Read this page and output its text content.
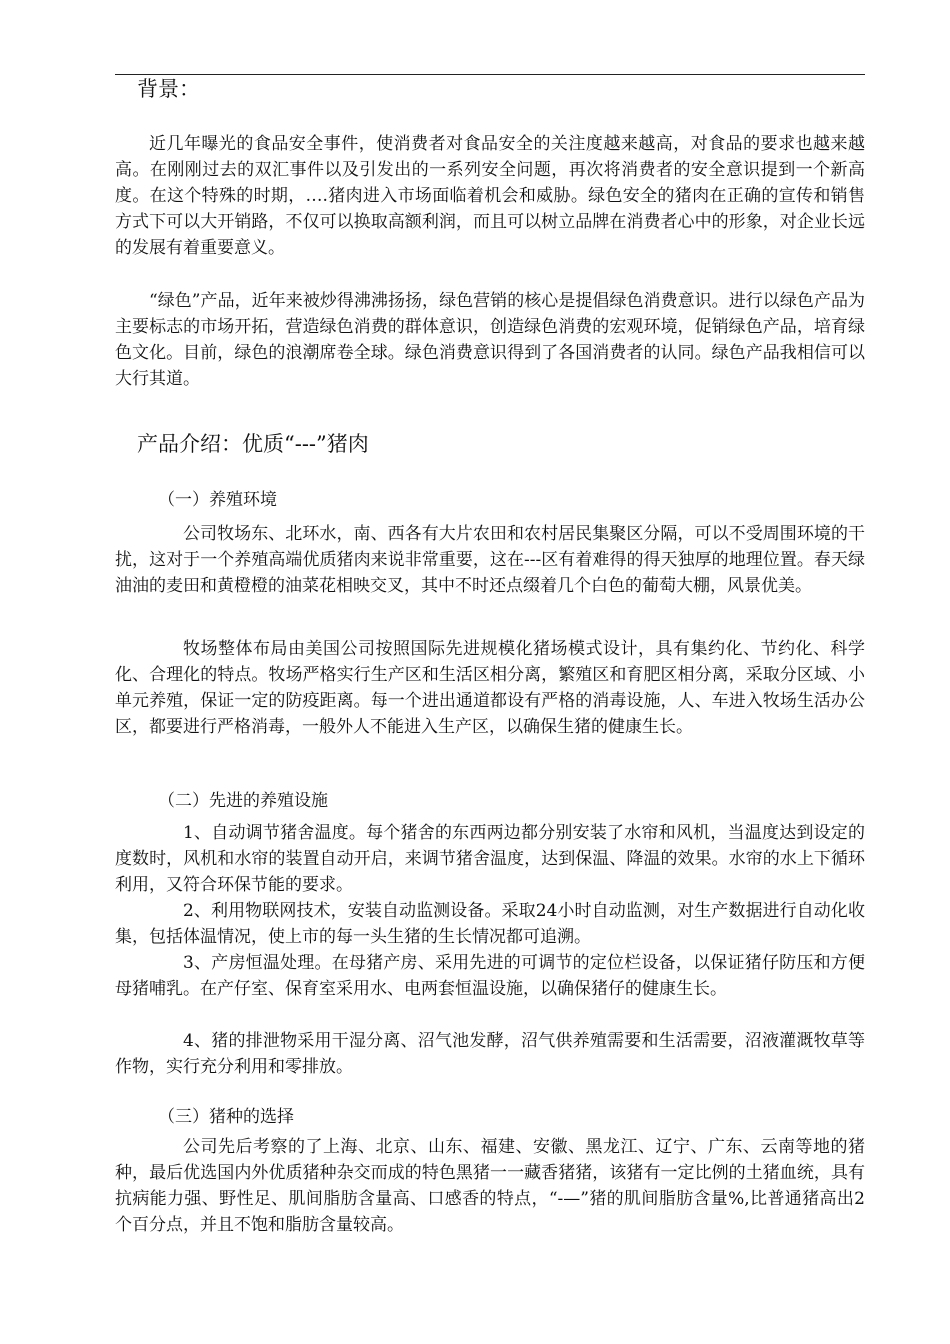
背景：

近几年曝光的食品安全事件，使消费者对食品安全的关注度越来越高，对食品的要求也越来越高。在刚刚过去的双汇事件以及引发出的一系列安全问题，再次将消费者的安全意识提到一个新高度。在这个特殊的时期，….猪肉进入市场面临着机会和威胁。绿色安全的猪肉在正确的宣传和销售方式下可以大开销路，不仅可以换取高额利润，而且可以树立品牌在消费者心中的形象，对企业长远的发展有着重要意义。

“绿色”产品，近年来被炒得沸沸扬扬，绿色营销的核心是提倡绿色消费意识。进行以绿色产品为主要标志的市场开拓，营造绿色消费的群体意识，创造绿色消费的宏观环境，促销绿色产品，培育绿色文化。目前，绿色的浪潮席卷全球。绿色消费意识得到了各国消费者的认同。绿色产品我相信可以大行其道。

产品介绍：优质“---”猪肉

（一）养殖环境

公司牧场东、北环水，南、西各有大片农田和农村居民集聚区分隔，可以不受周围环境的干扰，这对于一个养殖高端优质猪肉来说非常重要，这在---区有着难得的得天独厚的地理位置。春天绿油油的麦田和黄橙橙的油菜花相映交叉，其中不时还点缀着几个白色的葡萄大棚，风景优美。

牧场整体布局由美国公司按照国际先进规模化猪场模式设计，具有集约化、节约化、科学化、合理化的特点。牧场严格实行生产区和生活区相分离，繁殖区和育肥区相分离，采取分区域、小单元养殖，保证一定的防疫距离。每一个进出通道都设有严格的消毒设施，人、车进入牧场生活办公区，都要进行严格消毒，一般外人不能进入生产区，以确保生猪的健康生长。

（二）先进的养殖设施

1、自动调节猪舍温度。每个猪舍的东西两边都分别安装了水帘和风机，当温度达到设定的度数时，风机和水帘的装置自动开启，来调节猪舍温度，达到保温、降温的效果。水帘的水上下循环利用，又符合环保节能的要求。

2、利用物联网技术，安装自动监测设备。采取24小时自动监测，对生产数据进行自动化收集，包括体温情况，使上市的每一头生猪的生长情况都可追溯。

3、产房恒温处理。在母猪产房、采用先进的可调节的定位栏设备，以保证猪仔防压和方便母猪哺乳。在产仔室、保育室采用水、电两套恒温设施，以确保猪仔的健康生长。

4、猪的排泄物采用干湿分离、沼气池发酵，沼气供养殖需要和生活需要，沼液灌溉牧草等作物，实行充分利用和零排放。

（三）猪种的选择

公司先后考察的了上海、北京、山东、福建、安徽、黑龙江、辽宁、广东、云南等地的猪种，最后优选国内外优质猪种杂交而成的特色黑猪一一藏香猪猪，该猪有一定比例的土猪血统，具有抗病能力强、野性足、肌间脂肪含量高、口感香的特点，“-—”猪的肌间脂肪含量%,比普通猪高出2个百分点，并且不饱和脂肪含量较高。
